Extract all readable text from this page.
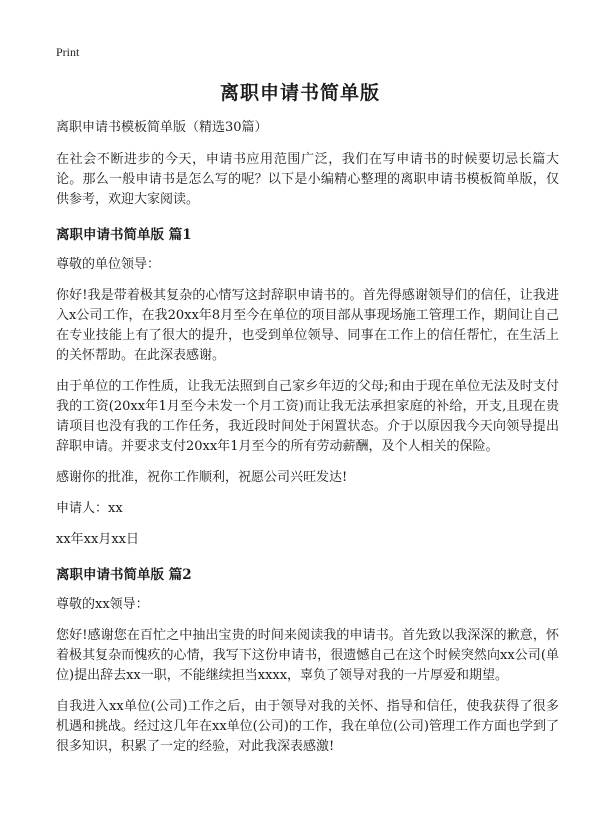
Print
离职申请书简单版

离职申请书模板简单版（精选30篇）

在社会不断进步的今天，申请书应用范围广泛，我们在写申请书的时候要切忌长篇大论。那么一般申请书是怎么写的呢？以下是小编精心整理的离职申请书模板简单版，仅供参考，欢迎大家阅读。

离职申请书简单版 篇1

尊敬的单位领导：

你好!我是带着极其复杂的心情写这封辞职申请书的。首先得感谢领导们的信任，让我进入x公司工作，在我20xx年8月至今在单位的项目部从事现场施工管理工作，期间让自己在专业技能上有了很大的提升，也受到单位领导、同事在工作上的信任帮忙，在生活上的关怀帮助。在此深表感谢。

由于单位的工作性质，让我无法照到自己家乡年迈的父母;和由于现在单位无法及时支付我的工资(20xx年1月至今未发一个月工资)而让我无法承担家庭的补给，开支,且现在贵请项目也没有我的工作任务，我近段时间处于闲置状态。介于以原因我今天向领导提出辞职申请。并要求支付20xx年1月至今的所有劳动薪酬，及个人相关的保险。

感谢你的批准，祝你工作顺利，祝愿公司兴旺发达!

申请人：xx

xx年xx月xx日

离职申请书简单版 篇2

尊敬的xx领导：

您好!感谢您在百忙之中抽出宝贵的时间来阅读我的申请书。首先致以我深深的歉意，怀着极其复杂而愧疚的心情，我写下这份申请书，很遗憾自己在这个时候突然向xx公司(单位)提出辞去xx一职，不能继续担当xxxx，辜负了领导对我的一片厚爱和期望。

自我进入xx单位(公司)工作之后，由于领导对我的关怀、指导和信任，使我获得了很多机遇和挑战。经过这几年在xx单位(公司)的工作，我在单位(公司)管理工作方面也学到了很多知识，积累了一定的经验，对此我深表感激!
